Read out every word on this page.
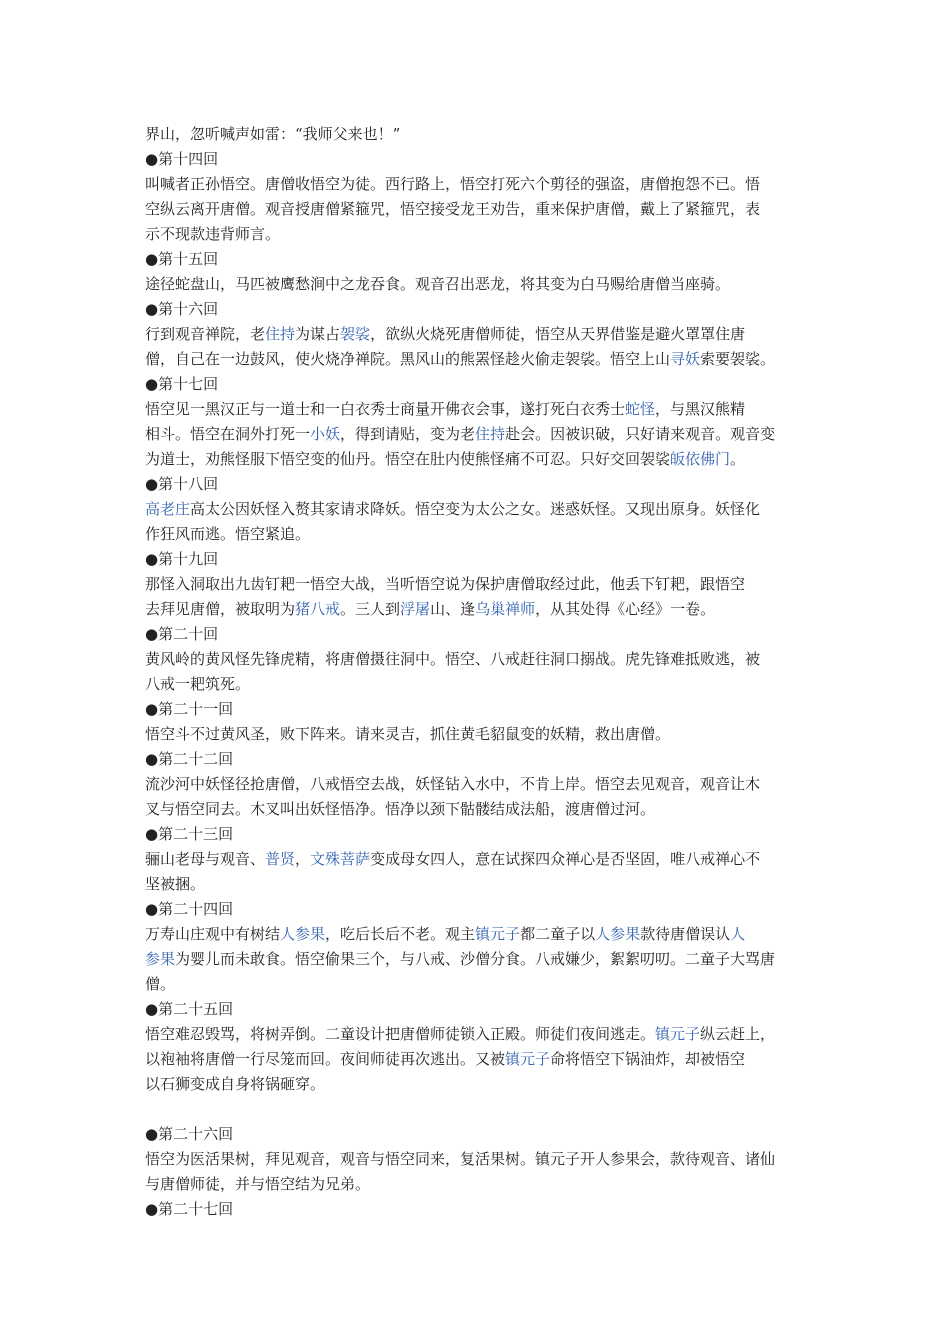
界山，忽听喊声如雷：“我师父来也！”
●第十四回
叫喊者正孙悟空。唐僧收悟空为徒。西行路上，悟空打死六个剪径的强盗，唐僧抱怨不已。悟
空纵云离开唐僧。观音授唐僧紧箍咒，悟空接受龙王劝告，重来保护唐僧，戴上了紧箍咒，表
示不现款违背师言。
●第十五回
途径蛇盘山，马匹被鹰愁涧中之龙吞食。观音召出恶龙，将其变为白马赐给唐僧当座骑。
●第十六回
行到观音禅院，老住持为谋占袈裟，欲纵火烧死唐僧师徒，悟空从天界借鉴是避火罩罩住唐
僧，自己在一边鼓风，使火烧净禅院。黑风山的熊罴怪趁火偷走袈裟。悟空上山寻妖索要袈裟。
●第十七回
悟空见一黑汉正与一道士和一白衣秀士商量开佛衣会事，遂打死白衣秀士蛇怪，与黑汉熊精
相斗。悟空在洞外打死一小妖，得到请贴，变为老住持赴会。因被识破，只好请来观音。观音变
为道士，劝熊怪服下悟空变的仙丹。悟空在肚内使熊怪痛不可忍。只好交回袈裟皈依佛门。
●第十八回
高老庄高太公因妖怪入赘其家请求降妖。悟空变为太公之女。迷惑妖怪。又现出原身。妖怪化
作狂风而逃。悟空紧追。
●第十九回
那怪入洞取出九齿钉耙一悟空大战，当听悟空说为保护唐僧取经过此，他丢下钉耙，跟悟空
去拜见唐僧，被取明为猪八戒。三人到浮屠山、逢乌巢禅师，从其处得《心经》一卷。
●第二十回
黄风岭的黄风怪先锋虎精，将唐僧摄往洞中。悟空、八戒赶往洞口搦战。虎先锋难抵败逃，被
八戒一耙筑死。
●第二十一回
悟空斗不过黄风圣，败下阵来。请来灵吉，抓住黄毛貂鼠变的妖精，救出唐僧。
●第二十二回
流沙河中妖怪径抢唐僧，八戒悟空去战，妖怪钻入水中，不肯上岸。悟空去见观音，观音让木
叉与悟空同去。木叉叫出妖怪悟净。悟净以颈下骷髅结成法船，渡唐僧过河。
●第二十三回
骊山老母与观音、普贤，文殊菩萨变成母女四人，意在试探四众禅心是否坚固，唯八戒禅心不
坚被捆。
●第二十四回
万寿山庄观中有树结人参果，吃后长后不老。观主镇元子都二童子以人参果款待唐僧误认人
参果为婴儿而未敢食。悟空偷果三个，与八戒、沙僧分食。八戒嫌少，絮絮叨叨。二童子大骂唐
僧。
●第二十五回
悟空难忍毁骂，将树弄倒。二童设计把唐僧师徒锁入正殿。师徒们夜间逃走。镇元子纵云赶上，
以袍袖将唐僧一行尽笼而回。夜间师徒再次逃出。又被镇元子命将悟空下锅油炸，却被悟空
以石狮变成自身将锅砸穿。
●第二十六回
悟空为医活果树，拜见观音，观音与悟空同来，复活果树。镇元子开人参果会，款待观音、诸仙
与唐僧师徒，并与悟空结为兄弟。
●第二十七回
